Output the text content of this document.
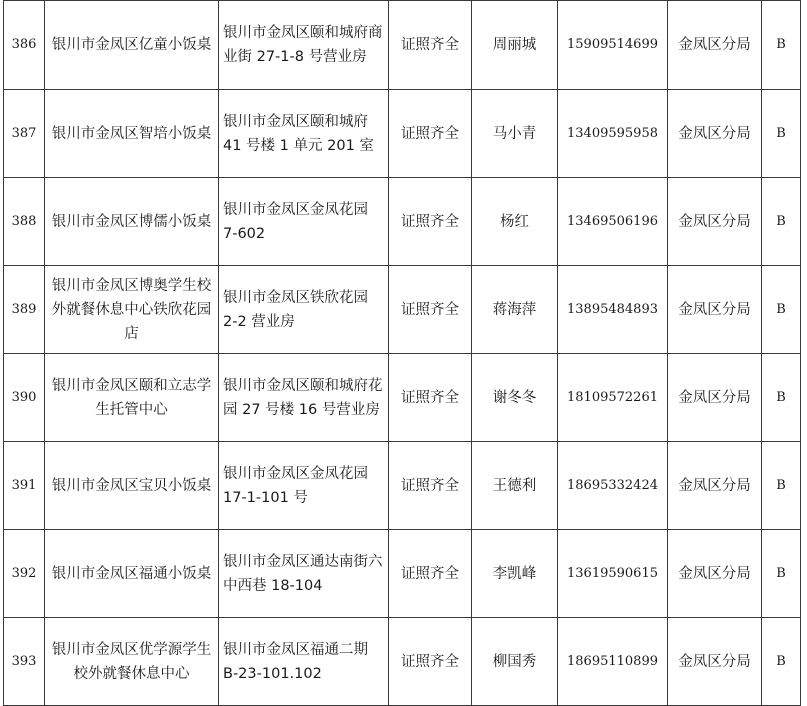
386	银川市金凤区亿童小饭桌	银川市金凤区颐和城府商业街 27-1-8 号营业房	证照齐全	周丽城	15909514699	金凤区分局	B
387	银川市金凤区智培小饭桌	银川市金凤区颐和城府 41 号楼 1 单元 201 室	证照齐全	马小青	13409595958	金凤区分局	B
388	银川市金凤区博儒小饭桌	银川市金凤区金凤花园 7-602	证照齐全	杨红	13469506196	金凤区分局	B
389	银川市金凤区博奥学生校外就餐休息中心铁欣花园店	银川市金凤区铁欣花园 2-2 营业房	证照齐全	蒋海萍	13895484893	金凤区分局	B
390	银川市金凤区颐和立志学生托管中心	银川市金凤区颐和城府花园 27 号楼 16 号营业房	证照齐全	谢冬冬	18109572261	金凤区分局	B
391	银川市金凤区宝贝小饭桌	银川市金凤区金凤花园 17-1-101 号	证照齐全	王德利	18695332424	金凤区分局	B
392	银川市金凤区福通小饭桌	银川市金凤区通达南街六中西巷 18-104	证照齐全	李凯峰	13619590615	金凤区分局	B
393	银川市金凤区优学源学生校外就餐休息中心	银川市金凤区福通二期 B-23-101.102	证照齐全	柳国秀	18695110899	金凤区分局	B
